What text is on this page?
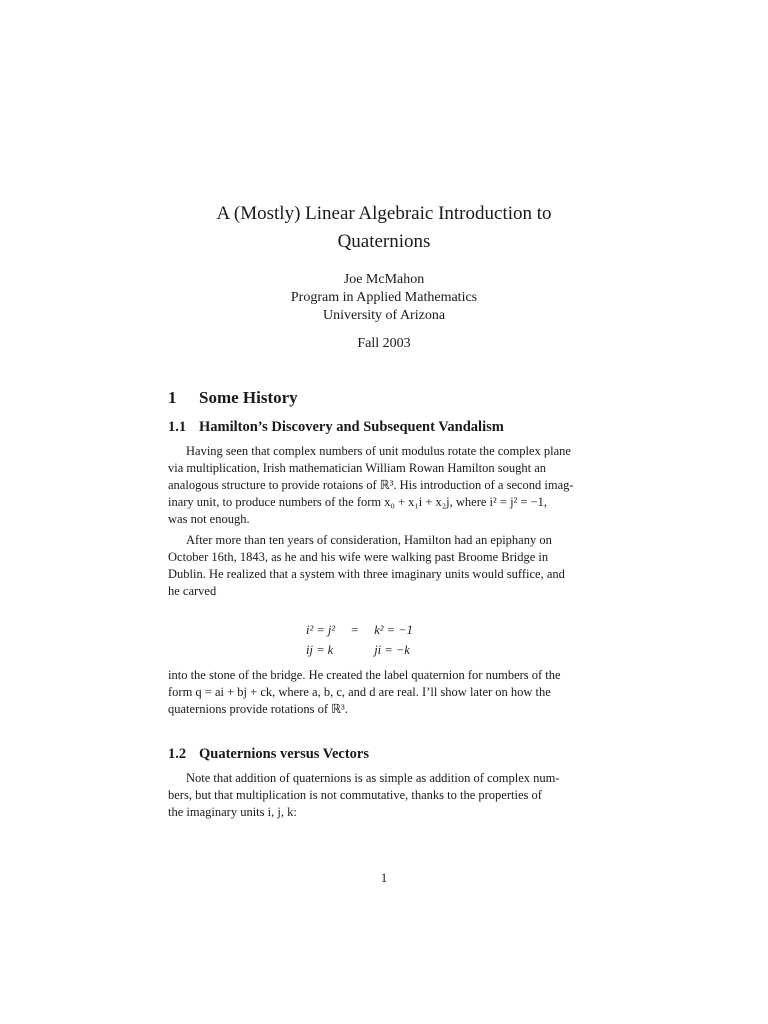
A (Mostly) Linear Algebraic Introduction to
Quaternions
Joe McMahon
Program in Applied Mathematics
University of Arizona
Fall 2003
1 Some History
1.1 Hamilton’s Discovery and Subsequent Vandalism
Having seen that complex numbers of unit modulus rotate the complex plane
via multiplication, Irish mathematician William Rowan Hamilton sought an
analogous structure to provide rotaions of ℝ³. His introduction of a second imag-
inary unit, to produce numbers of the form x₀ + x₁i + x₂j, where i² = j² = −1,
was not enough.
After more than ten years of consideration, Hamilton had an epiphany on
October 16th, 1843, as he and his wife were walking past Broome Bridge in
Dublin. He realized that a system with three imaginary units would suffice, and
he carved
i² = j²	=	k² = −1
ij = k		ji = −k
into the stone of the bridge. He created the label quaternion for numbers of the
form q = ai + bj + ck, where a, b, c, and d are real. I’ll show later on how the
quaternions provide rotations of ℝ³.
1.2 Quaternions versus Vectors
Note that addition of quaternions is as simple as addition of complex num-
bers, but that multiplication is not commutative, thanks to the properties of
the imaginary units i, j, k:
1
